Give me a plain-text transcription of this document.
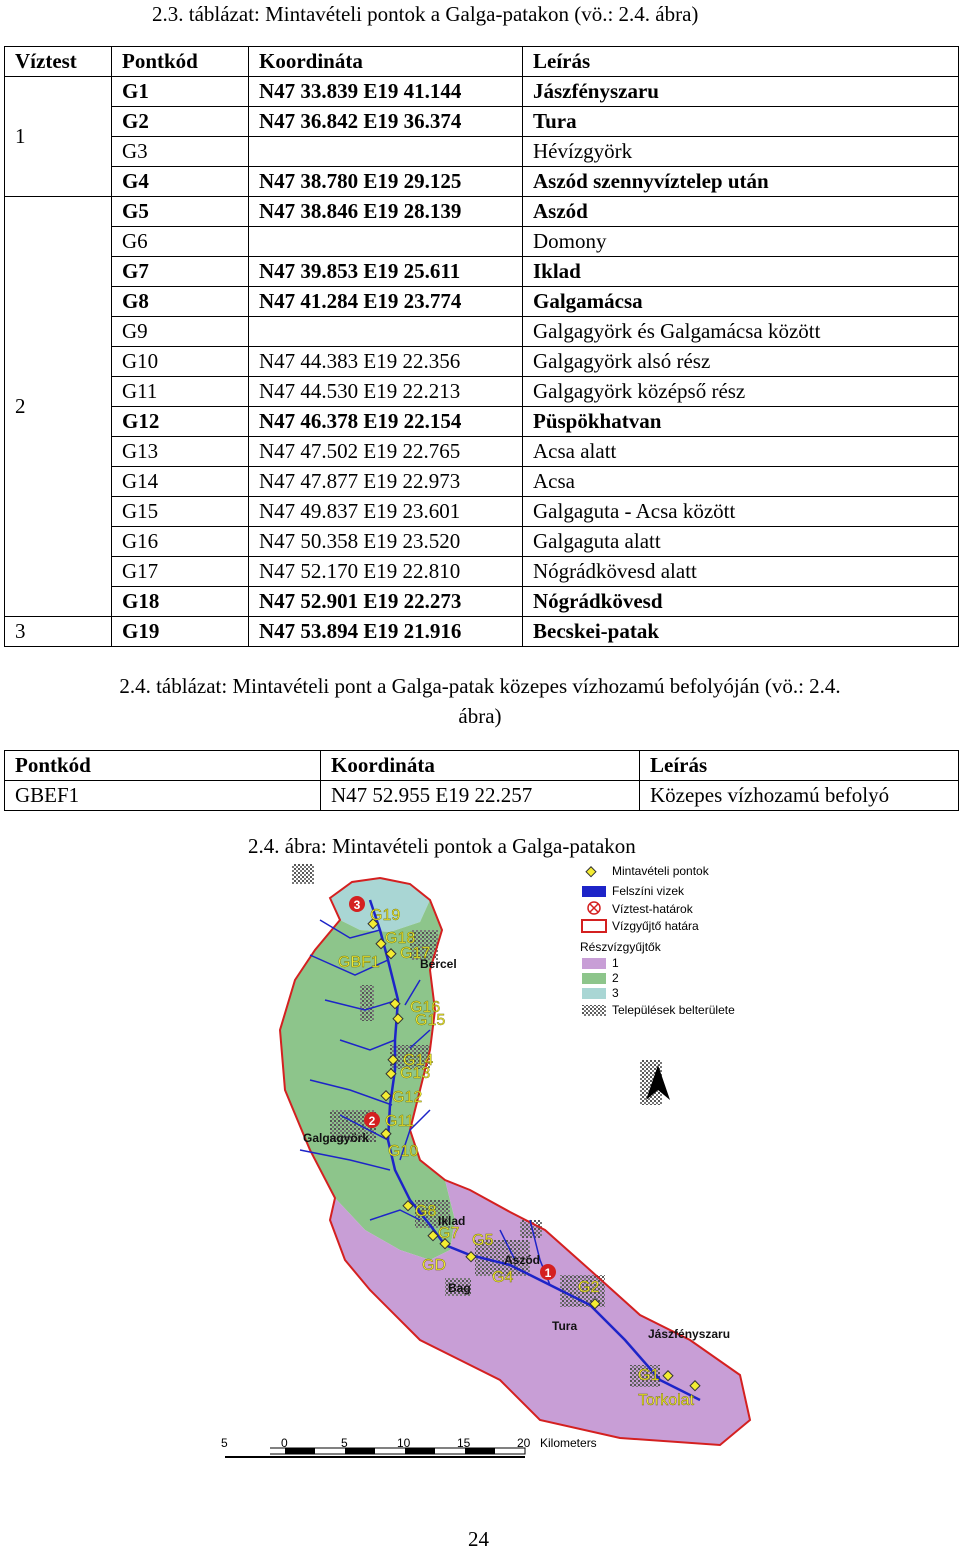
2.3. táblázat: Mintavételi pontok a Galga-patakon (vö.: 2.4. ábra)
Víztest	Pontkód	Koordináta	Leírás
1	G1	N47 33.839 E19 41.144	Jászfényszaru
	G2	N47 36.842 E19 36.374	Tura
	G3		Hévízgyörk
	G4	N47 38.780 E19 29.125	Aszód szennyvíztelep után
2	G5	N47 38.846 E19 28.139	Aszód
	G6		Domony
	G7	N47 39.853 E19 25.611	Iklad
	G8	N47 41.284 E19 23.774	Galgamácsa
	G9		Galgagyörk és Galgamácsa között
	G10	N47 44.383 E19 22.356	Galgagyörk alsó rész
	G11	N47 44.530 E19 22.213	Galgagyörk középső rész
	G12	N47 46.378 E19 22.154	Püspökhatvan
	G13	N47 47.502 E19 22.765	Acsa alatt
	G14	N47 47.877 E19 22.973	Acsa
	G15	N47 49.837 E19 23.601	Galgaguta - Acsa között
	G16	N47 50.358 E19 23.520	Galgaguta alatt
	G17	N47 52.170 E19 22.810	Nógrádkövesd alatt
	G18	N47 52.901 E19 22.273	Nógrádkövesd
3	G19	N47 53.894 E19 21.916	Becskei-patak
2.4. táblázat: Mintavételi pont a Galga-patak közepes vízhozamú befolyóján (vö.: 2.4.
ábra)
Pontkód	Koordináta	Leírás
GBEF1	N47 52.955 E19 22.257	Közepes vízhozamú befolyó
2.4. ábra: Mintavételi pontok a Galga-patakon
3
2
1
G19
G18
G17
GBF1
G16
G15
G14
G13
G12
G11
G10
G8
G7 G5
GD
G4
G2
G1
Bercel
Galgagyörk
Iklad
Aszód
Bag
Tura
Jászfényszaru
Torkolat
Mintavételi pontok
Felszíni vizek
Víztest-határok
Vízgyűjtő határa
Részvízgyűjtők
1
2
3
Települések belterülete
5	0	5	10	15	20 Kilometers
24
